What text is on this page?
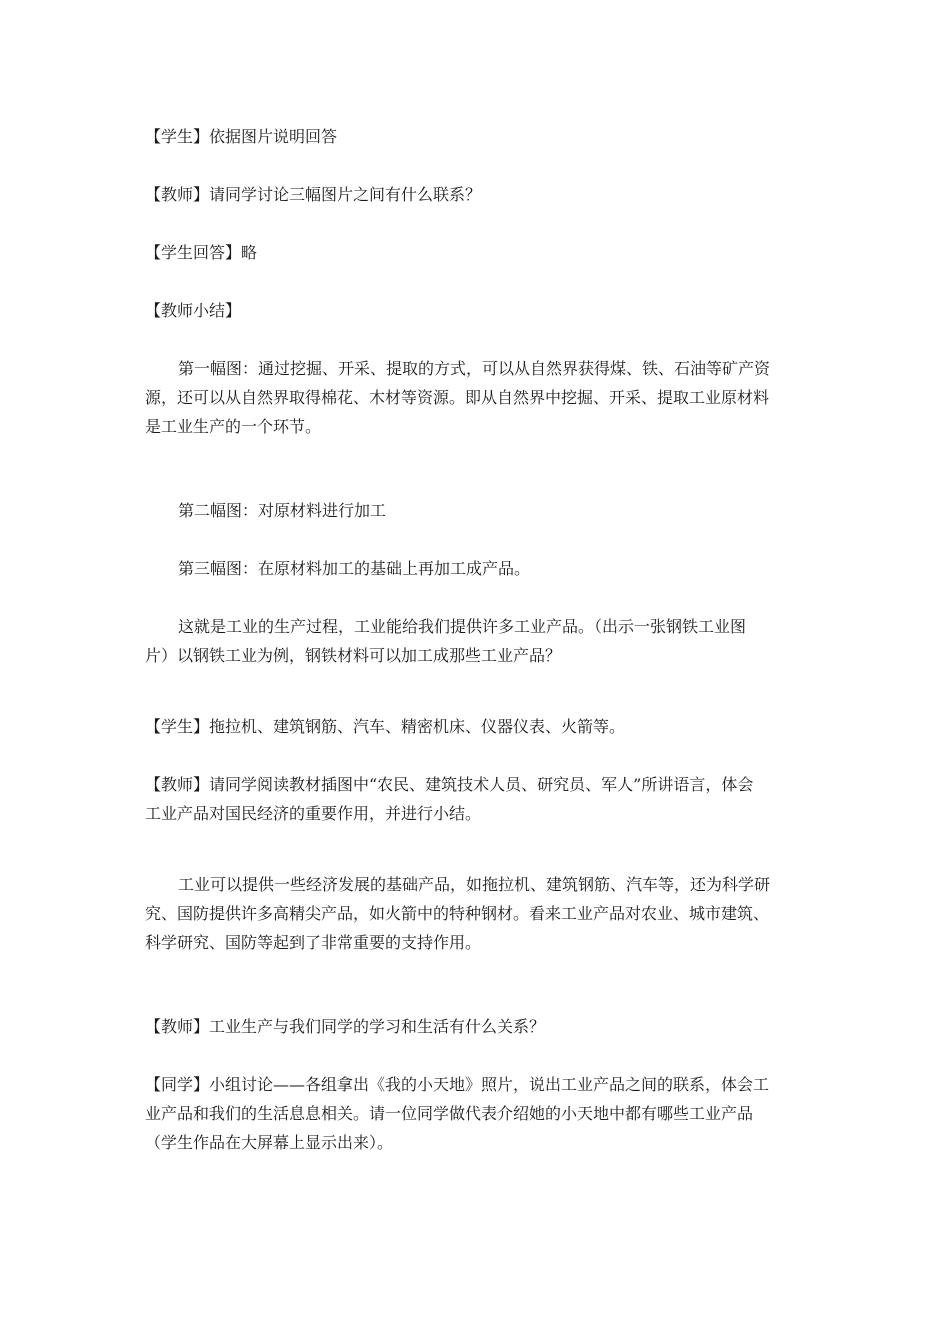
【学生】依据图片说明回答

【教师】请同学讨论三幅图片之间有什么联系？

【学生回答】略

【教师小结】

第一幅图：通过挖掘、开采、提取的方式，可以从自然界获得煤、铁、石油等矿产资
源，还可以从自然界取得棉花、木材等资源。即从自然界中挖掘、开采、提取工业原材料
是工业生产的一个环节。

第二幅图：对原材料进行加工

第三幅图：在原材料加工的基础上再加工成产品。

这就是工业的生产过程，工业能给我们提供许多工业产品。（出示一张钢铁工业图
片）以钢铁工业为例，钢铁材料可以加工成那些工业产品？

【学生】拖拉机、建筑钢筋、汽车、精密机床、仪器仪表、火箭等。

【教师】请同学阅读教材插图中“农民、建筑技术人员、研究员、军人”所讲语言，体会
工业产品对国民经济的重要作用，并进行小结。

工业可以提供一些经济发展的基础产品，如拖拉机、建筑钢筋、汽车等，还为科学研
究、国防提供许多高精尖产品，如火箭中的特种钢材。看来工业产品对农业、城市建筑、
科学研究、国防等起到了非常重要的支持作用。

【教师】工业生产与我们同学的学习和生活有什么关系？

【同学】小组讨论——各组拿出《我的小天地》照片，说出工业产品之间的联系，体会工
业产品和我们的生活息息相关。请一位同学做代表介绍她的小天地中都有哪些工业产品
（学生作品在大屏幕上显示出来）。
